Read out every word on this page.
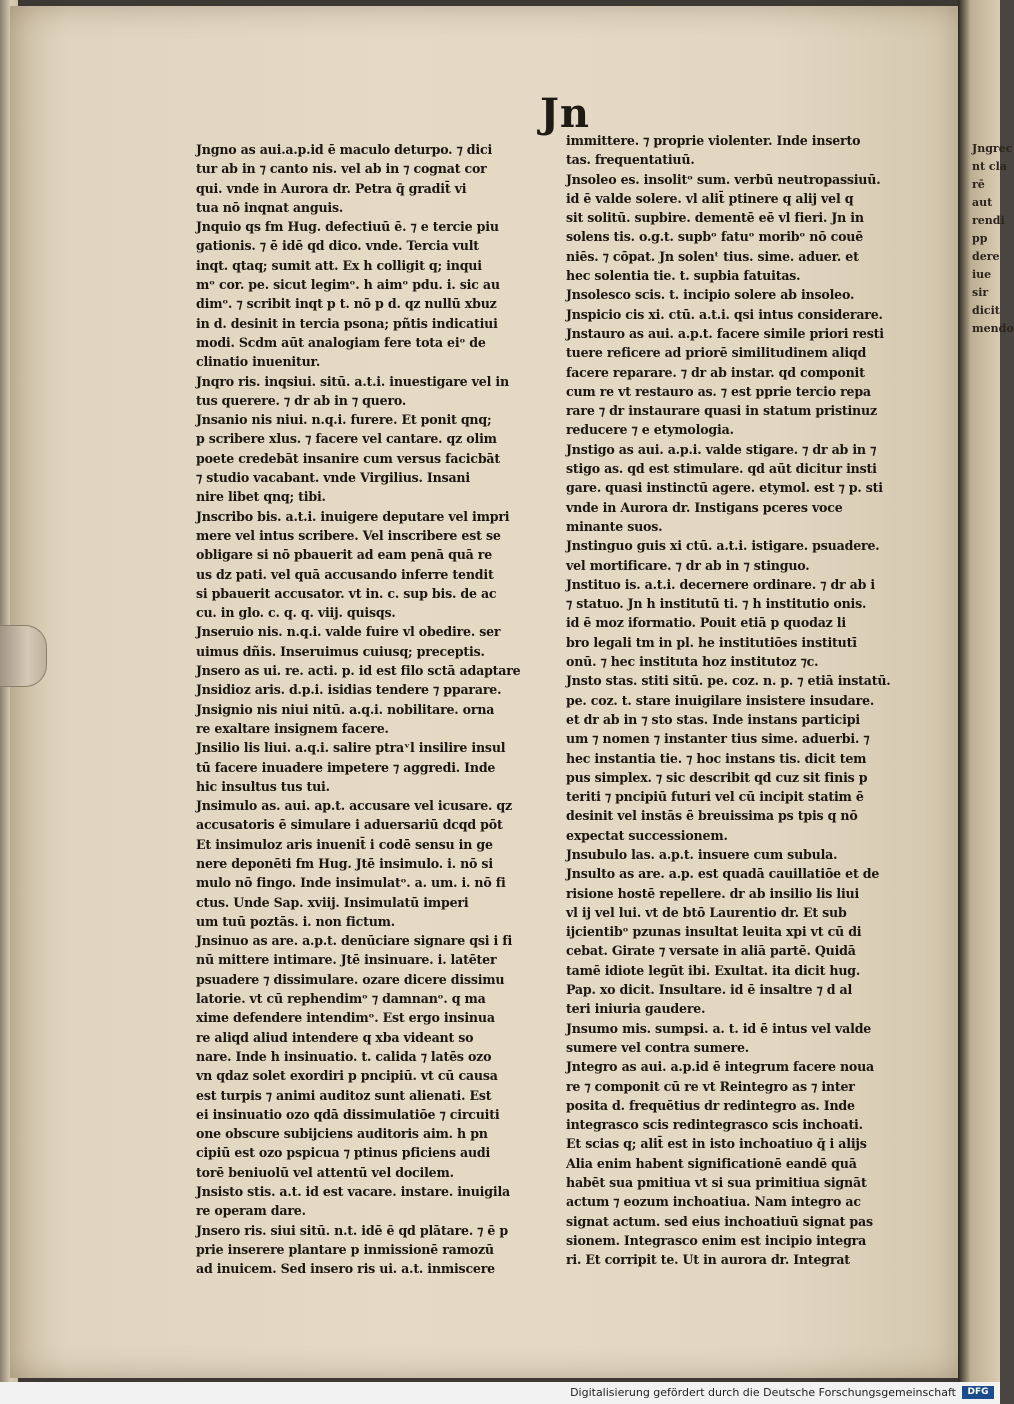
Jngrec
nt cla
rē
aut
rendi
pp
dere
iue
sir
dicit
mendo
Jn
Jngno as aui.a.p.id ē maculo deturpo. ⁊ dici
tur ab in ⁊ canto nis. vel ab in ⁊ cognat cor
qui. vnde in Aurora dr. Petra q̄ gradit̄ vi
tua nō inqnat anguis.
Jnquio qs fm Hug. defectiuū ē. ⁊ e tercie piu
gationis. ⁊ ē idē qd dico. vnde. Tercia vult
inqt. qtaq; sumit att. Ex h colligit q; inqui
mᵒ cor. pe. sicut legimᵒ. h aimᵒ pdu. i. sic au
dimᵒ. ⁊ scribit inqt p t. nō p d. qz nullū xbuz
in d. desinit in tercia psona; pñtis indicatiui
modi. Scdm aūt analogiam fere tota eiᵒ de
clinatio inuenitur.
Jnqro ris. inqsiui. sitū. a.t.i. inuestigare vel in
tus querere. ⁊ dr ab in ⁊ quero.
Jnsanio nis niui. n.q.i. furere. Et ponit qnq;
p scribere xlus. ⁊ facere vel cantare. qz olim
poete credebāt insanire cum versus facicbāt
⁊ studio vacabant. vnde Virgilius. Insani
nire libet qnq; tibi.
Jnscribo bis. a.t.i. inuigere deputare vel impri
mere vel intus scribere. Vel inscribere est se
obligare si nō pbauerit ad eam penā quā re
us dz pati. vel quā accusando inferre tendit
si pbauerit accusator. vt in. c. sup bis. de ac
cu. in glo. c. q. q. viij. quisqs.
Jnseruio nis. n.q.i. valde fuire vl obedire. ser
uimus dñis. Inseruimus cuiusq; preceptis.
Jnsero as ui. re. acti. p. id est filo sctā adaptare
Jnsidioz aris. d.p.i. isidias tendere ⁊ pparare.
Jnsignio nis niui nitū. a.q.i. nobilitare. orna
re exaltare insignem facere.
Jnsilio lis liui. a.q.i. salire ptraᵛl insilire insul
tū facere inuadere impetere ⁊ aggredi. Inde
hic insultus tus tui.
Jnsimulo as. aui. ap.t. accusare vel icusare. qz
accusatoris ē simulare i aduersariū dcqd pōt
Et insimuloz aris inuenit̄ i codē sensu in ge
nere deponēti fm Hug. Jtē insimulo. i. nō si
mulo nō fingo. Inde insimulatᵒ. a. um. i. nō fi
ctus. Unde Sap. xviij. Insimulatū imperi
um tuū poztās. i. non fictum.
Jnsinuo as are. a.p.t. denūciare signare qsi i fi
nū mittere intimare. Jtē insinuare. i. latēter
psuadere ⁊ dissimulare. ozare dicere dissimu
latorie. vt cū rephendimᵒ ⁊ damnanᵒ. q ma
xime defendere intendimᵒ. Est ergo insinua
re aliqd aliud intendere q xba videant so
nare. Inde h insinuatio. t. calida ⁊ latēs ozo
vn qdaz solet exordiri p pncipiū. vt cū causa
est turpis ⁊ animi auditoz sunt alienati. Est
ei insinuatio ozo qdā dissimulatiōe ⁊ circuiti
one obscure subijciens auditoris aim. h pn
cipiū est ozo pspicua ⁊ ptinus pficiens audi
torē beniuolū vel attentū vel docilem.
Jnsisto stis. a.t. id est vacare. instare. inuigila
re operam dare.
Jnsero ris. siui sitū. n.t. idē ē qd plātare. ⁊ ē p
prie inserere plantare p inmissionē ramozū
ad inuicem. Sed insero ris ui. a.t. inmiscere
immittere. ⁊ proprie violenter. Inde inserto
tas. frequentatiuū.
Jnsoleo es. insolitᵒ sum. verbū neutropassiuū.
id ē valde solere. vl alit̄ ptinere q alij vel q
sit solitū. supbire. dementē eē vl fieri. Jn in
solens tis. o.g.t. supbᵒ fatuᵒ moribᵒ nō couē
niēs. ⁊ cōpat. Jn solenᵗ tius. sime. aduer. et
hec solentia tie. t. supbia fatuitas.
Jnsolesco scis. t. incipio solere ab insoleo.
Jnspicio cis xi. ctū. a.t.i. qsi intus considerare.
Jnstauro as aui. a.p.t. facere simile priori resti
tuere reficere ad priorē similitudinem aliqd
facere reparare. ⁊ dr ab instar. qd componit
cum re vt restauro as. ⁊ est pprie tercio repa
rare ⁊ dr instaurare quasi in statum pristinuz
reducere ⁊ e etymologia.
Jnstigo as aui. a.p.i. valde stigare. ⁊ dr ab in ⁊
stigo as. qd est stimulare. qd aūt dicitur insti
gare. quasi instinctū agere. etymol. est ⁊ p. sti
vnde in Aurora dr. Instigans pceres voce
minante suos.
Jnstinguo guis xi ctū. a.t.i. istigare. psuadere.
vel mortificare. ⁊ dr ab in ⁊ stinguo.
Jnstituo is. a.t.i. decernere ordinare. ⁊ dr ab i
⁊ statuo. Jn h institutū ti. ⁊ h institutio onis.
id ē moz iformatio. Pouit etiā p quodaz li
bro legali tm in pl. he institutiōes institutī
onū. ⁊ hec instituta hoz institutoz ⁊c.
Jnsto stas. stiti sitū. pe. coz. n. p. ⁊ etiā instatū.
pe. coz. t. stare inuigilare insistere insudare.
et dr ab in ⁊ sto stas. Inde instans participi
um ⁊ nomen ⁊ instanter tius sime. aduerbi. ⁊
hec instantia tie. ⁊ hoc instans tis. dicit tem
pus simplex. ⁊ sic describit qd cuz sit finis p
teriti ⁊ pncipiū futuri vel cū incipit statim ē
desinit vel instās ē breuissima ps tpis q nō
expectat successionem.
Jnsubulo las. a.p.t. insuere cum subula.
Jnsulto as are. a.p. est quadā cauillatiōe et de
risione hostē repellere. dr ab insilio lis liui
vl ij vel lui. vt de btō Laurentio dr. Et sub
ijcientibᵒ pzunas insultat leuita xpi vt cū di
cebat. Girate ⁊ versate in aliā partē. Quidā
tamē idiote legūt ibi. Exultat. ita dicit hug.
Pap. xo dicit. Insultare. id ē insaltre ⁊ d al
teri iniuria gaudere.
Jnsumo mis. sumpsi. a. t. id ē intus vel valde
sumere vel contra sumere.
Jntegro as aui. a.p.id ē integrum facere noua
re ⁊ componit cū re vt Reintegro as ⁊ inter
posita d. frequētius dr redintegro as. Inde
integrasco scis redintegrasco scis inchoati.
Et scias q; alit̄ est in isto inchoatiuo q̄ i alijs
Alia enim habent significationē eandē quā
habēt sua pmitiua vt si sua primitiua signāt
actum ⁊ eozum inchoatiua. Nam integro ac
signat actum. sed eius inchoatiuū signat pas
sionem. Integrasco enim est incipio integra
ri. Et corripit te. Ut in aurora dr. Integrat
Digitalisierung gefördert durch die Deutsche Forschungsgemeinschaft	DFG
